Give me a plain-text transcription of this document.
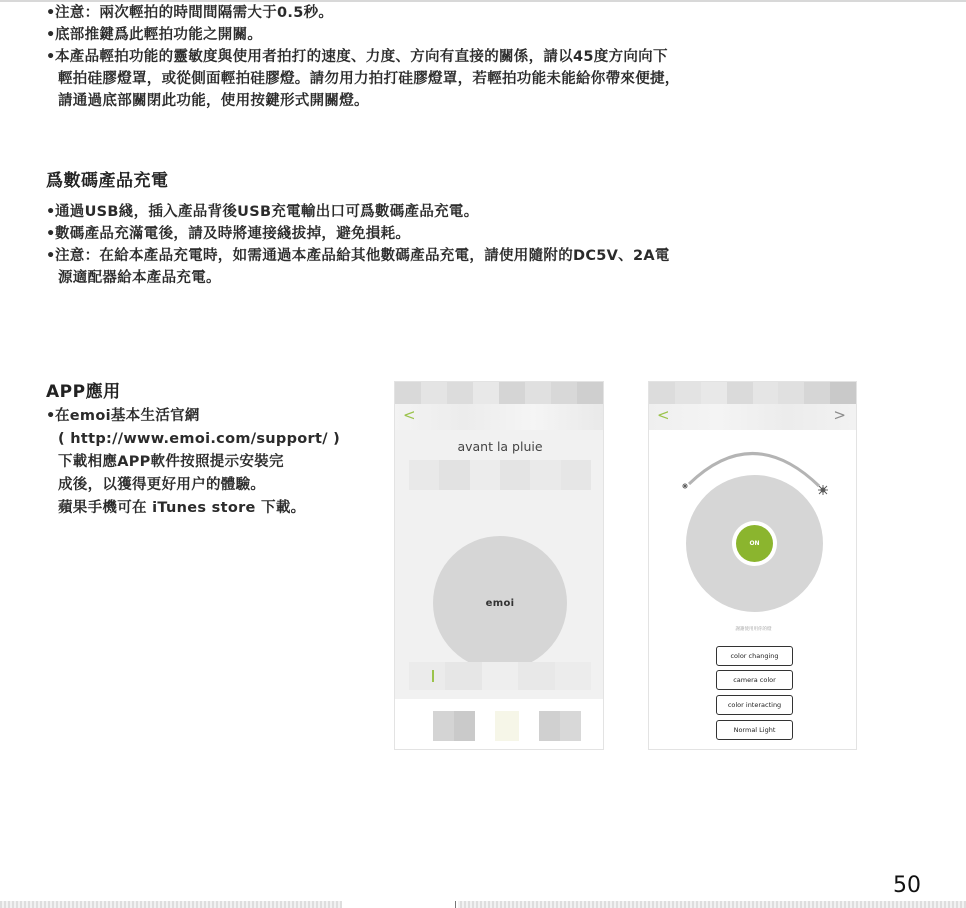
•注意：兩次輕拍的時間間隔需大于0.5秒。
•底部推鍵爲此輕拍功能之開關。
•本產品輕拍功能的靈敏度與使用者拍打的速度、力度、方向有直接的關係，請以45度方向向下
輕拍硅膠燈罩，或從側面輕拍硅膠燈。請勿用力拍打硅膠燈罩，若輕拍功能未能給你帶來便捷，
請通過底部關閉此功能，使用按鍵形式開關燈。
爲數碼產品充電
•通過USB綫，插入產品背後USB充電輸出口可爲數碼產品充電。
•數碼產品充滿電後，請及時將連接綫拔掉，避免損耗。
•注意：在給本產品充電時，如需通過本產品給其他數碼產品充電，請使用隨附的DC5V、2A電
源適配器給本產品充電。
APP應用
•在emoi基本生活官網
( http://www.emoi.com/support/ )
下載相應APP軟件按照提示安裝完
成後，以獲得更好用户的體驗。
蘋果手機可在 iTunes store 下載。
<
avant la pluie
emoi
<	>
ON
謝謝使用用你的燈
color changing
camera color
color interacting
Normal Light
50
